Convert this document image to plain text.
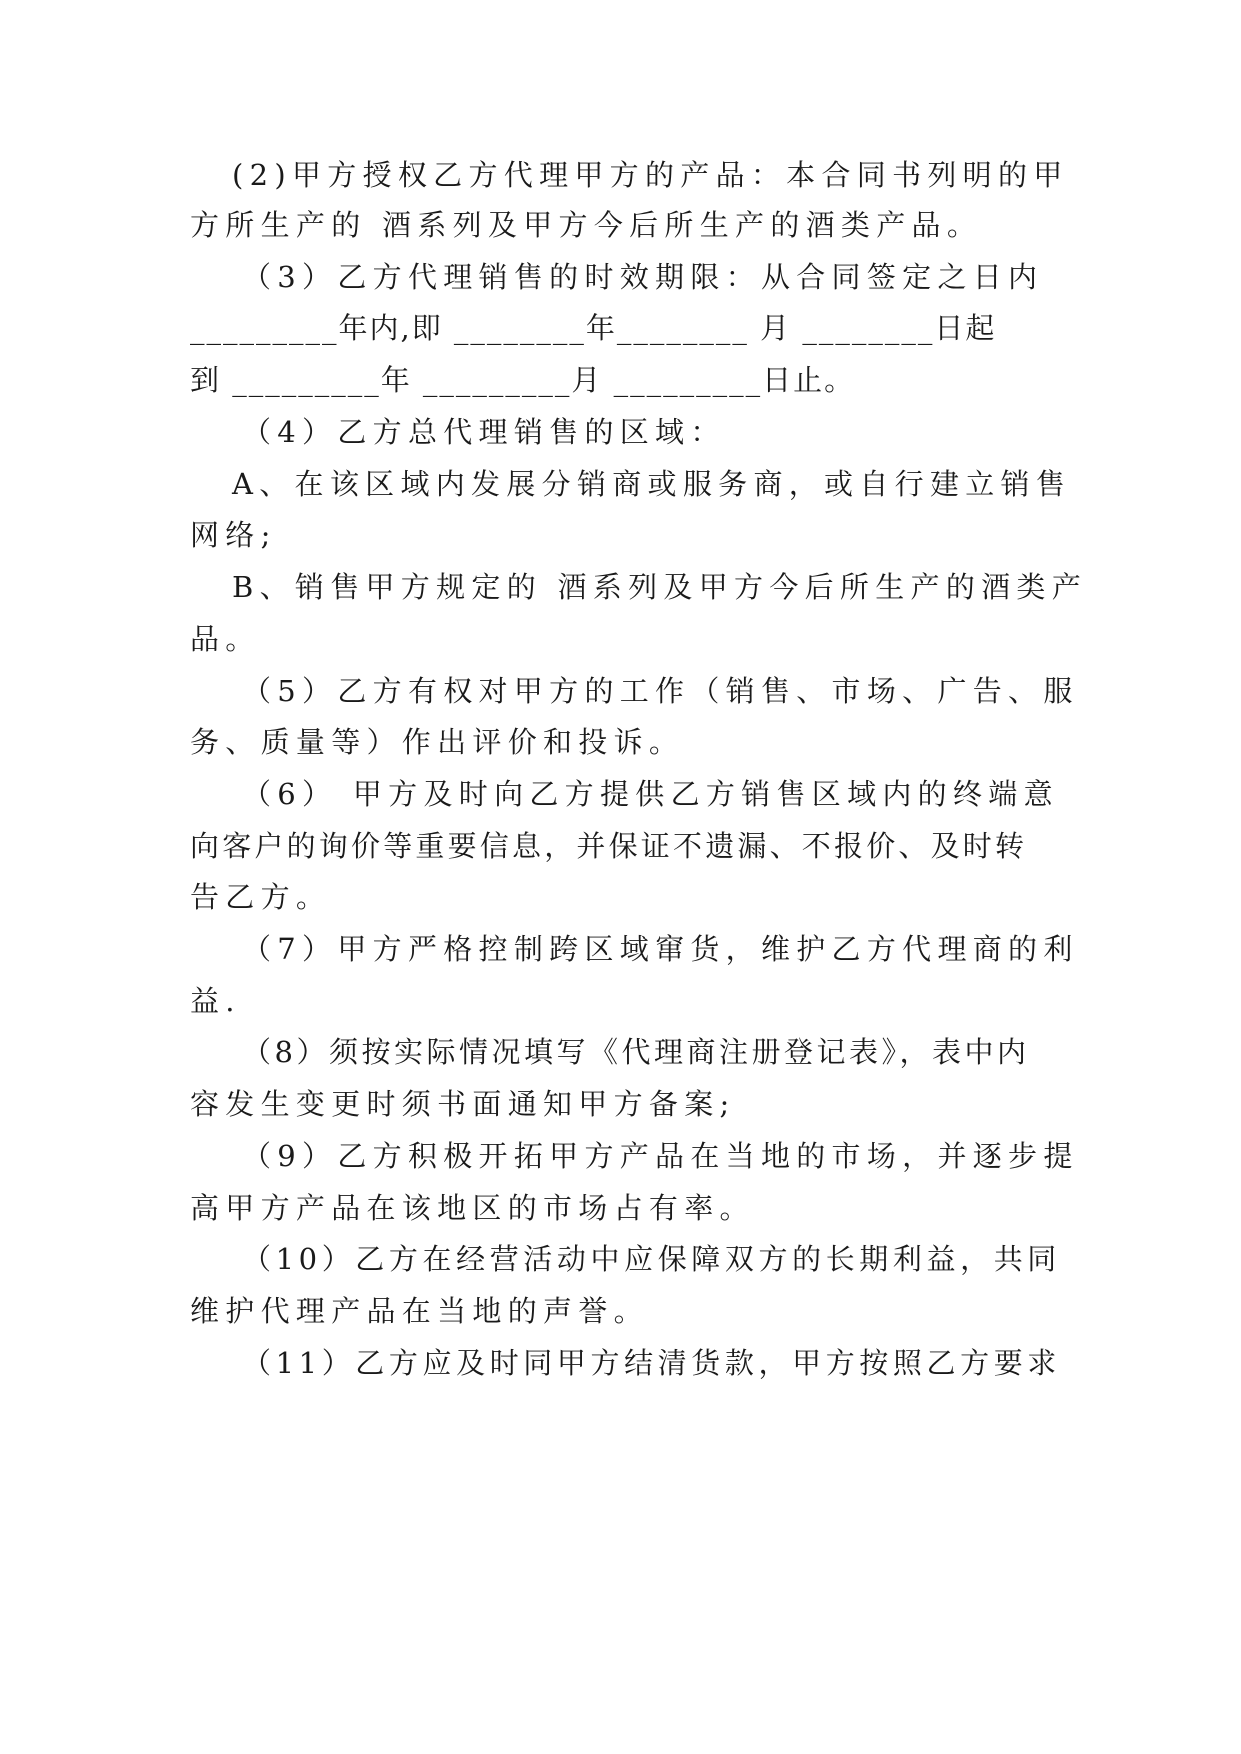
(2)甲方授权乙方代理甲方的产品：本合同书列明的甲
方所生产的 酒系列及甲方今后所生产的酒类产品。
（3）乙方代理销售的时效期限：从合同签定之日内
_________年内,即 ________年________ 月 ________日起
到 _________年 _________月 _________日止。
（4）乙方总代理销售的区域：
A、在该区域内发展分销商或服务商，或自行建立销售
网络;
B、销售甲方规定的 酒系列及甲方今后所生产的酒类产
品。
（5）乙方有权对甲方的工作（销售、市场、广告、服
务、质量等）作出评价和投诉。
（6） 甲方及时向乙方提供乙方销售区域内的终端意
向客户的询价等重要信息，并保证不遗漏、不报价、及时转
告乙方。
（7）甲方严格控制跨区域窜货，维护乙方代理商的利
益.
（8）须按实际情况填写《代理商注册登记表》，表中内
容发生变更时须书面通知甲方备案;
（9）乙方积极开拓甲方产品在当地的市场，并逐步提
高甲方产品在该地区的市场占有率。
（10）乙方在经营活动中应保障双方的长期利益，共同
维护代理产品在当地的声誉。
（11）乙方应及时同甲方结清货款，甲方按照乙方要求
